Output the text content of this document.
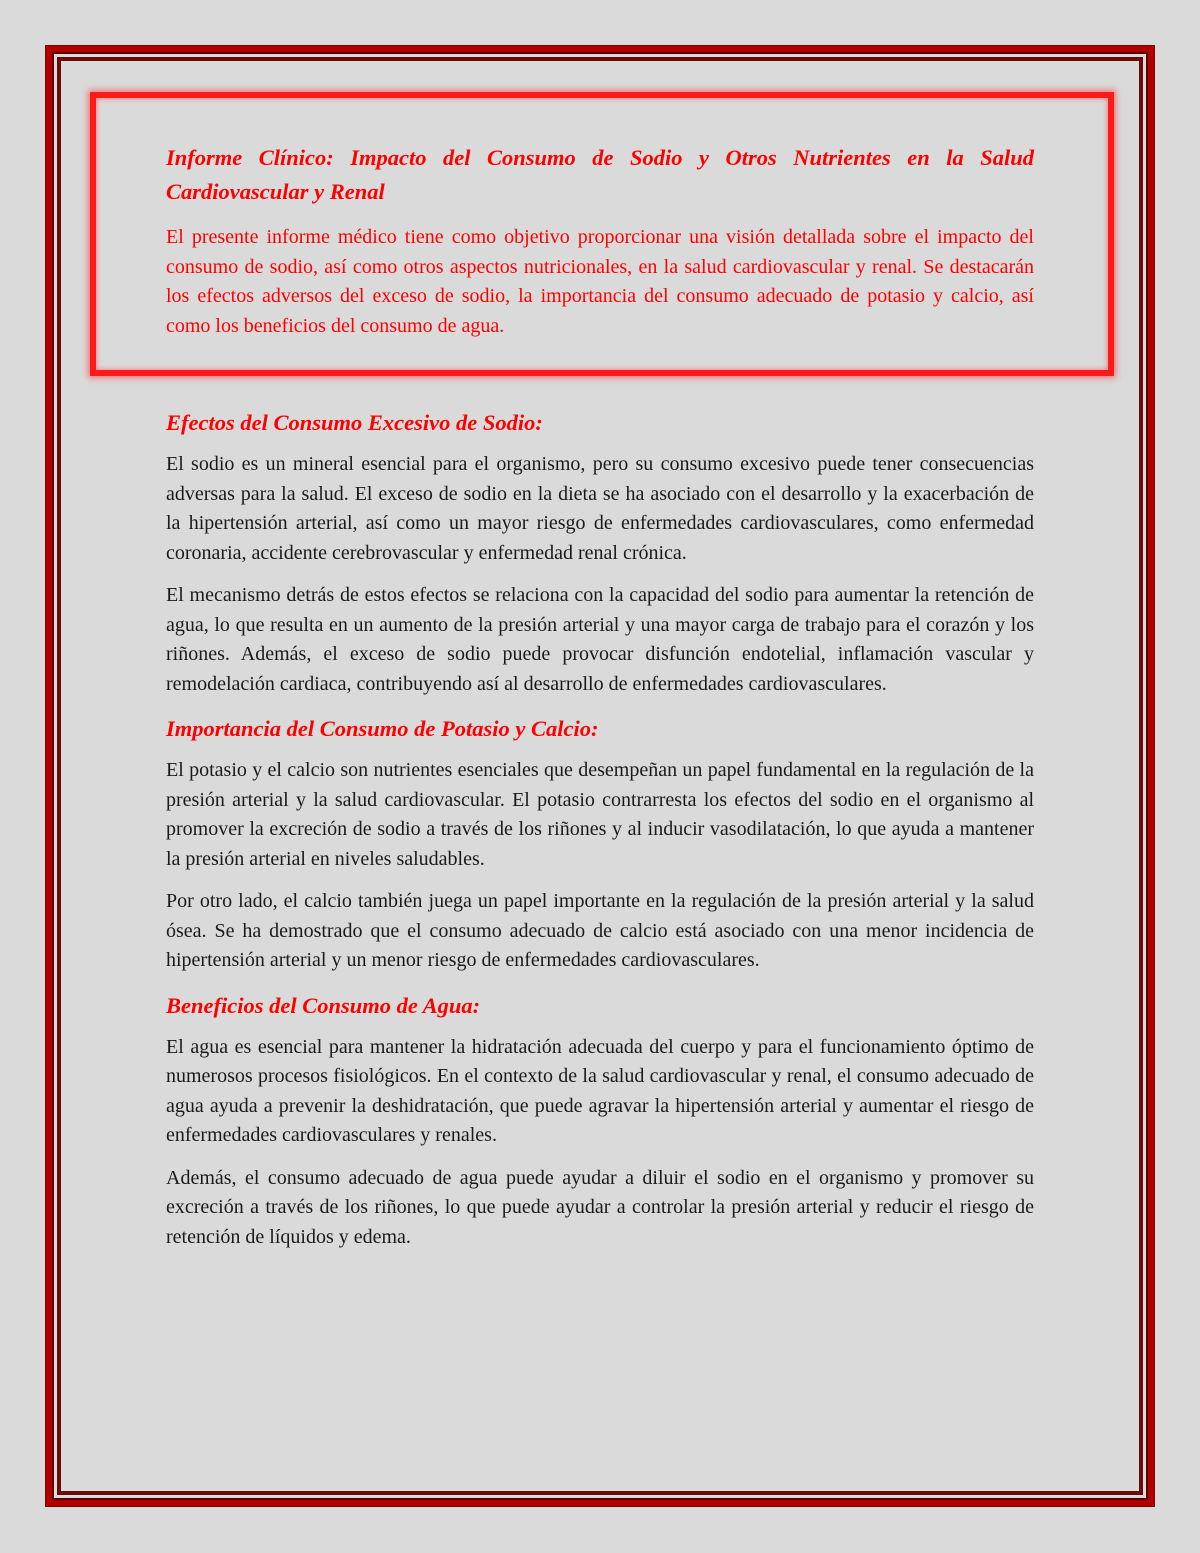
Informe Clínico: Impacto del Consumo de Sodio y Otros Nutrientes en la Salud Cardiovascular y Renal

El presente informe médico tiene como objetivo proporcionar una visión detallada sobre el impacto del consumo de sodio, así como otros aspectos nutricionales, en la salud cardiovascular y renal. Se destacarán los efectos adversos del exceso de sodio, la importancia del consumo adecuado de potasio y calcio, así como los beneficios del consumo de agua.

Efectos del Consumo Excesivo de Sodio:

El sodio es un mineral esencial para el organismo, pero su consumo excesivo puede tener consecuencias adversas para la salud. El exceso de sodio en la dieta se ha asociado con el desarrollo y la exacerbación de la hipertensión arterial, así como un mayor riesgo de enfermedades cardiovasculares, como enfermedad coronaria, accidente cerebrovascular y enfermedad renal crónica.

El mecanismo detrás de estos efectos se relaciona con la capacidad del sodio para aumentar la retención de agua, lo que resulta en un aumento de la presión arterial y una mayor carga de trabajo para el corazón y los riñones. Además, el exceso de sodio puede provocar disfunción endotelial, inflamación vascular y remodelación cardiaca, contribuyendo así al desarrollo de enfermedades cardiovasculares.

Importancia del Consumo de Potasio y Calcio:

El potasio y el calcio son nutrientes esenciales que desempeñan un papel fundamental en la regulación de la presión arterial y la salud cardiovascular. El potasio contrarresta los efectos del sodio en el organismo al promover la excreción de sodio a través de los riñones y al inducir vasodilatación, lo que ayuda a mantener la presión arterial en niveles saludables.

Por otro lado, el calcio también juega un papel importante en la regulación de la presión arterial y la salud ósea. Se ha demostrado que el consumo adecuado de calcio está asociado con una menor incidencia de hipertensión arterial y un menor riesgo de enfermedades cardiovasculares.

Beneficios del Consumo de Agua:

El agua es esencial para mantener la hidratación adecuada del cuerpo y para el funcionamiento óptimo de numerosos procesos fisiológicos. En el contexto de la salud cardiovascular y renal, el consumo adecuado de agua ayuda a prevenir la deshidratación, que puede agravar la hipertensión arterial y aumentar el riesgo de enfermedades cardiovasculares y renales.

Además, el consumo adecuado de agua puede ayudar a diluir el sodio en el organismo y promover su excreción a través de los riñones, lo que puede ayudar a controlar la presión arterial y reducir el riesgo de retención de líquidos y edema.
